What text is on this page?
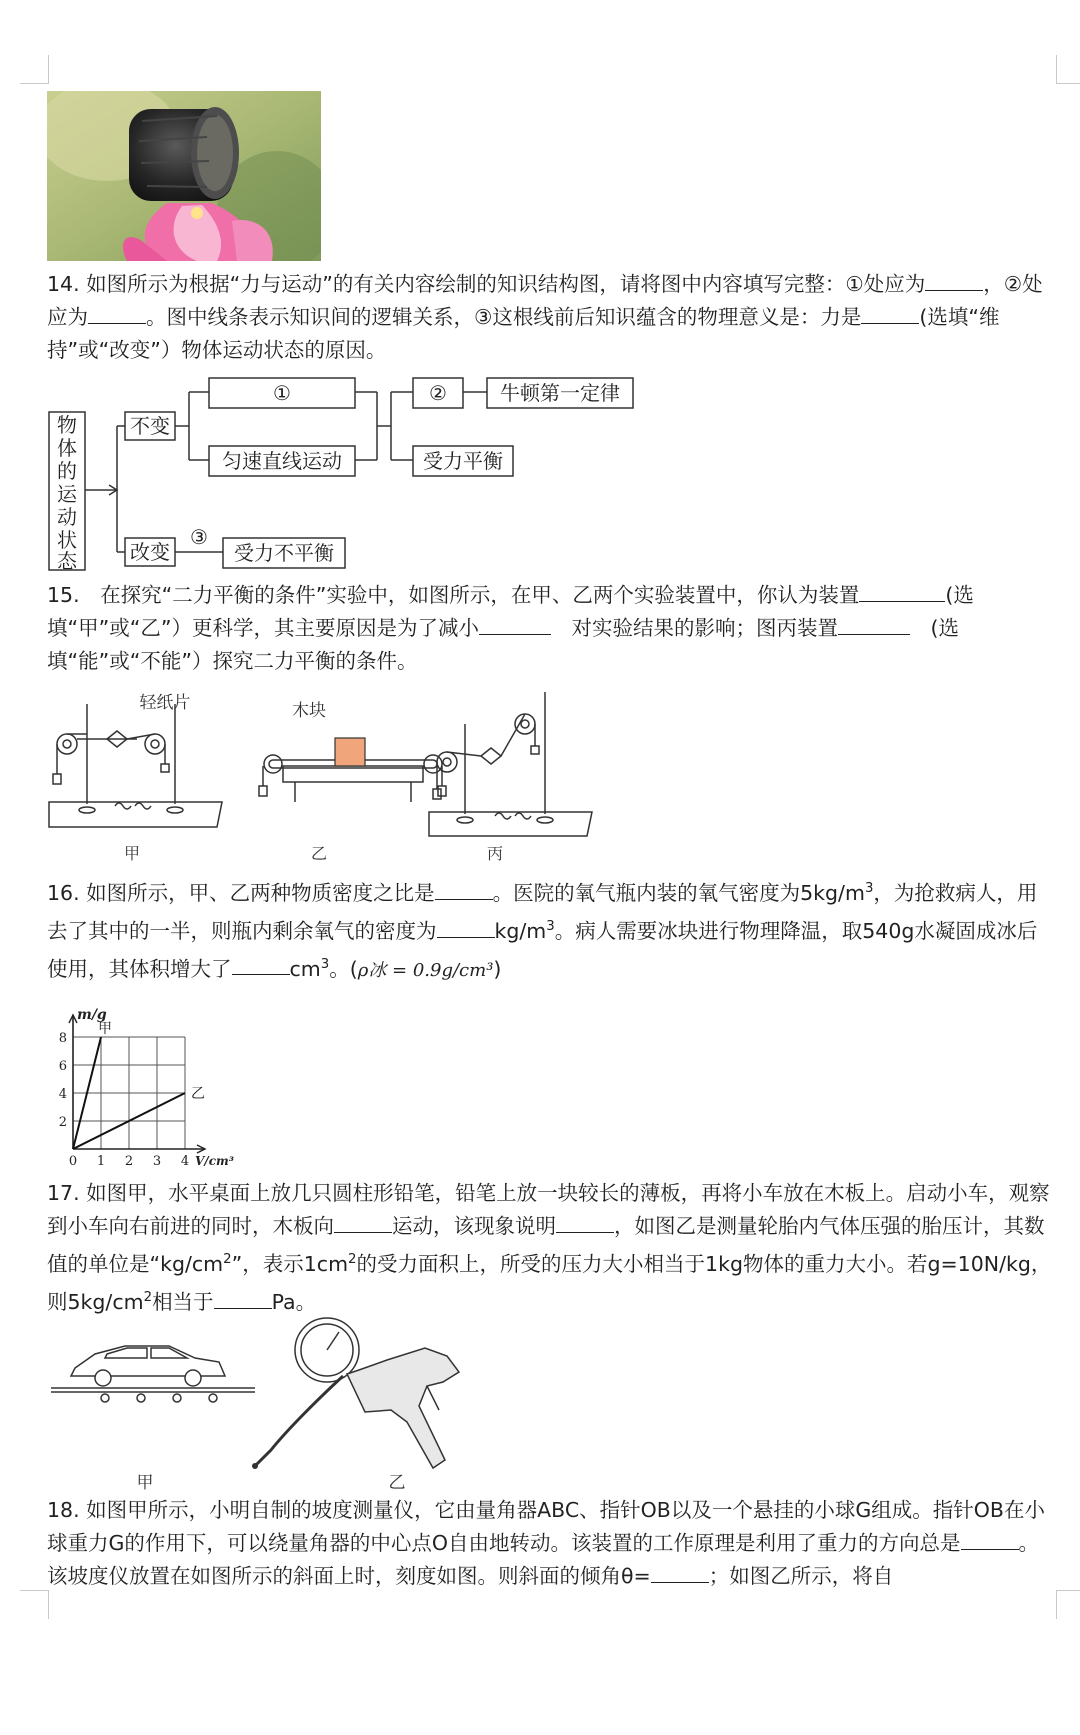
14. 如图所示为根据“力与运动”的有关内容绘制的知识结构图，请将图中内容填写完整：①处应为	，②处应为	。图中线条表示知识间的逻辑关系，③这根线前后知识蕴含的物理意义是：力是	(选填“维持”或“改变”）物体运动状态的原因。

物
体
的
运
动
状
态
不变
改变
①
匀速直线运动
②	牛顿第一定律
受力平衡
受力不平衡
③

15.　在探究“二力平衡的条件”实验中，如图所示，在甲、乙两个实验装置中，你认为装置	(选填“甲”或“乙”）更科学，其主要原因是为了减小	　对实验结果的影响；图丙装置	　(选填“能”或“不能”）探究二力平衡的条件。

轻纸片	木块
甲	乙	丙

16. 如图所示，甲、乙两种物质密度之比是	。医院的氧气瓶内装的氧气密度为$5kg/m^3$，为抢救病人，用去了其中的一半，则瓶内剩余氧气的密度为	$kg/m^3$。病人需要冰块进行物理降温，取540g水凝固成冰后使用，其体积增大了	$cm^3$。(ρ冰 = 0.9g/cm³)

0 1 2 3 4
2
4
6
8
V/cm³
m/g
甲
乙

17. 如图甲，水平桌面上放几只圆柱形铅笔，铅笔上放一块较长的薄板，再将小车放在木板上。启动小车，观察到小车向右前进的同时，木板向	运动，该现象说明	，如图乙是测量轮胎内气体压强的胎压计，其数值的单位是“$kg/cm^2$”，表示$1cm^2$的受力面积上，所受的压力大小相当于1kg物体的重力大小。若g=10N/kg，则$5kg/cm^2$相当于	Pa。

甲	乙

18. 如图甲所示，小明自制的坡度测量仪，它由量角器ABC、指针OB以及一个悬挂的小球G组成。指针OB在小球重力G的作用下，可以绕量角器的中心点O自由地转动。该装置的工作原理是利用了重力的方向总是	。该坡度仪放置在如图所示的斜面上时，刻度如图。则斜面的倾角θ=	；如图乙所示，将自
